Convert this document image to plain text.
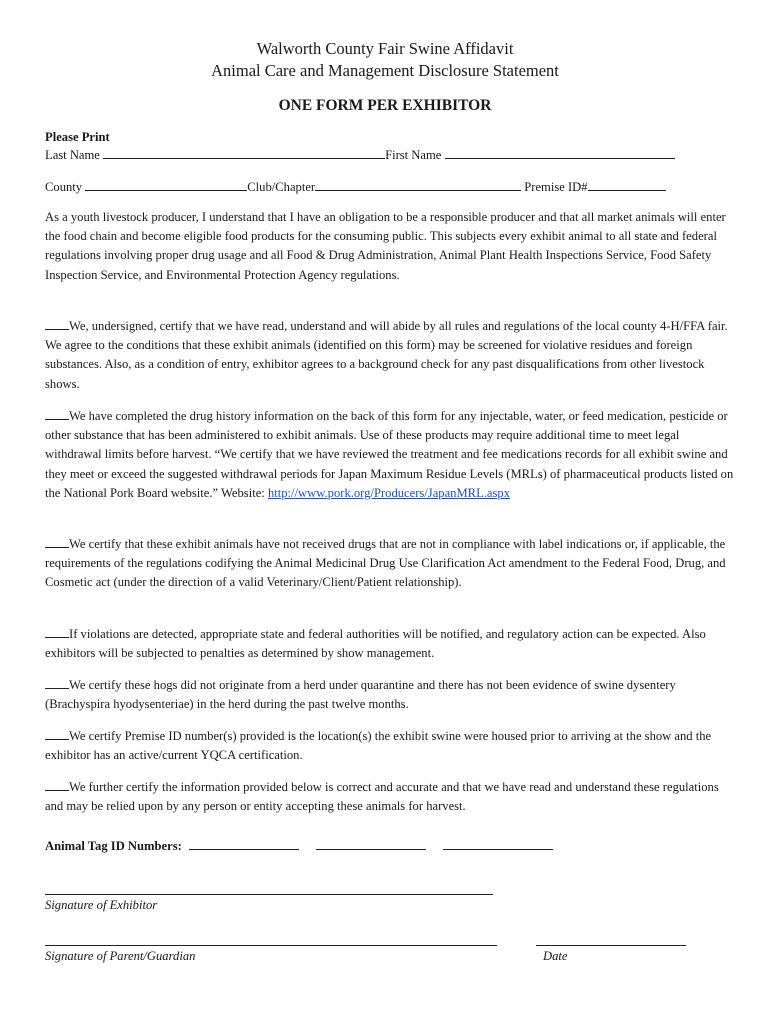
Walworth County Fair Swine Affidavit
Animal Care and Management Disclosure Statement
ONE FORM PER EXHIBITOR
Please Print
Last Name	First Name
County	Club/Chapter	Premise ID#

As a youth livestock producer, I understand that I have an obligation to be a responsible producer and that all market animals will enter the food chain and become eligible food products for the consuming public. This subjects every exhibit animal to all state and federal regulations involving proper drug usage and all Food & Drug Administration, Animal Plant Health Inspections Service, Food Safety Inspection Service, and Environmental Protection Agency regulations.

We, undersigned, certify that we have read, understand and will abide by all rules and regulations of the local county 4-H/FFA fair. We agree to the conditions that these exhibit animals (identified on this form) may be screened for violative residues and foreign substances. Also, as a condition of entry, exhibitor agrees to a background check for any past disqualifications from other livestock shows.

We have completed the drug history information on the back of this form for any injectable, water, or feed medication, pesticide or other substance that has been administered to exhibit animals. Use of these products may require additional time to meet legal withdrawal limits before harvest. “We certify that we have reviewed the treatment and fee medications records for all exhibit swine and they meet or exceed the suggested withdrawal periods for Japan Maximum Residue Levels (MRLs) of pharmaceutical products listed on the National Pork Board website.” Website: http://www.pork.org/Producers/JapanMRL.aspx

We certify that these exhibit animals have not received drugs that are not in compliance with label indications or, if applicable, the requirements of the regulations codifying the Animal Medicinal Drug Use Clarification Act amendment to the Federal Food, Drug, and Cosmetic act (under the direction of a valid Veterinary/Client/Patient relationship).

If violations are detected, appropriate state and federal authorities will be notified, and regulatory action can be expected. Also exhibitors will be subjected to penalties as determined by show management.

We certify these hogs did not originate from a herd under quarantine and there has not been evidence of swine dysentery (Brachyspira hyodysenteriae) in the herd during the past twelve months.

We certify Premise ID number(s) provided is the location(s) the exhibit swine were housed prior to arriving at the show and the exhibitor has an active/current YQCA certification.

We further certify the information provided below is correct and accurate and that we have read and understand these regulations and may be relied upon by any person or entity accepting these animals for harvest.

Animal Tag ID Numbers:
Signature of Exhibitor
Signature of Parent/Guardian	Date
